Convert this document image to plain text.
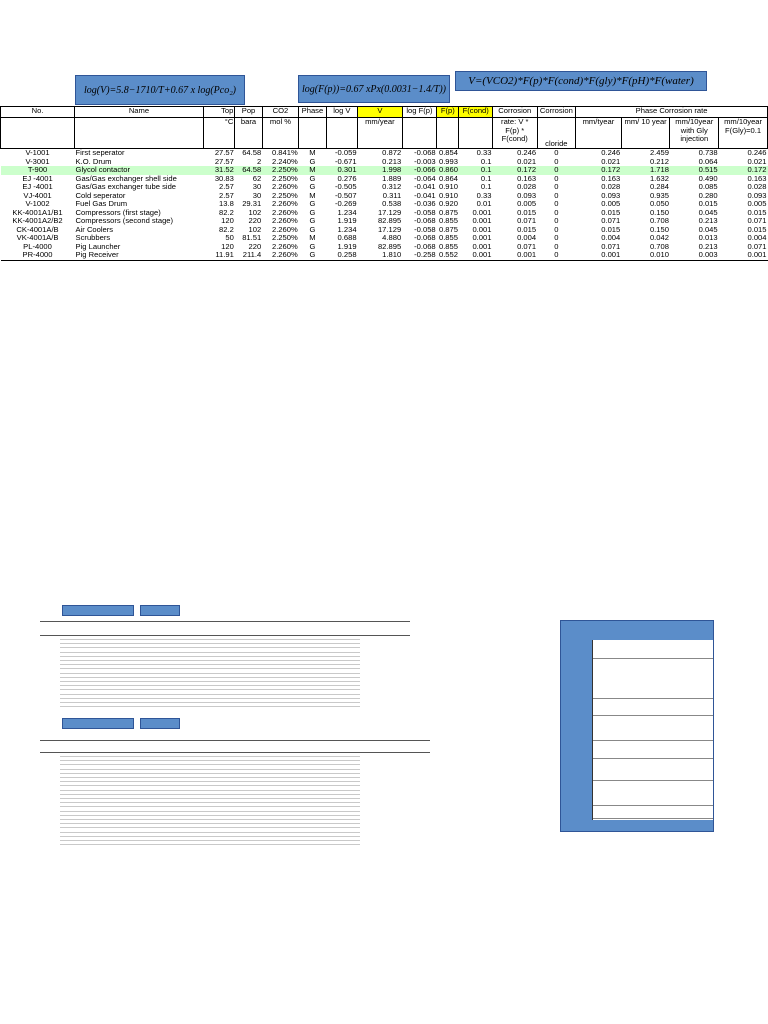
log(V)=5.8−1710/T+0.67 x log(Pco₂)	log(F(p))=0.67 xPx(0.0031−1.4/T))
V=(VCO2)*F(p)*F(cond)*F(gly)*F(pH)*F(water)
No.	Name	Top	Pop	CO2	Phase	log V	V	log F(p)	F(p)	F(cond)	Corrosion	Corrosion	Phase Corrosion rate			
		°C	bara	mol %			mm/year				rate: V * F(p) * F(cond)	cloride	mm/tyear	mm/ 10 year	mm/10year with Gly injection	mm/10year F(Gly)=0.1
V-1001	First seperator	27.57	64.58	0.841%	M	-0.059	0.872	-0.068	0.854	0.33	0.246	0	0.246	2.459	0.738	0.246
V-3001	K.O. Drum	27.57	2	2.240%	G	-0.671	0.213	-0.003	0.993	0.1	0.021	0	0.021	0.212	0.064	0.021
T-900	Glycol contactor	31.52	64.58	2.250%	M	0.301	1.998	-0.066	0.860	0.1	0.172	0	0.172	1.718	0.515	0.172
EJ -4001	Gas/Gas exchanger shell side	30.83	62	2.250%	G	0.276	1.889	-0.064	0.864	0.1	0.163	0	0.163	1.632	0.490	0.163
EJ -4001	Gas/Gas exchanger tube side	2.57	30	2.260%	G	-0.505	0.312	-0.041	0.910	0.1	0.028	0	0.028	0.284	0.085	0.028
VJ-4001	Cold seperator	2.57	30	2.250%	M	-0.507	0.311	-0.041	0.910	0.33	0.093	0	0.093	0.935	0.280	0.093
V-1002	Fuel Gas Drum	13.8	29.31	2.260%	G	-0.269	0.538	-0.036	0.920	0.01	0.005	0	0.005	0.050	0.015	0.005
KK-4001A1/B1	Compressors (first stage)	82.2	102	2.260%	G	1.234	17.129	-0.058	0.875	0.001	0.015	0	0.015	0.150	0.045	0.015
KK-4001A2/B2	Compressors (second stage)	120	220	2.260%	G	1.919	82.895	-0.068	0.855	0.001	0.071	0	0.071	0.708	0.213	0.071
CK-4001A/B	Air Coolers	82.2	102	2.260%	G	1.234	17.129	-0.058	0.875	0.001	0.015	0	0.015	0.150	0.045	0.015
VK-4001A/B	Scrubbers	50	81.51	2.250%	M	0.688	4.880	-0.068	0.855	0.001	0.004	0	0.004	0.042	0.013	0.004
PL-4000	Pig Launcher	120	220	2.260%	G	1.919	82.895	-0.068	0.855	0.001	0.071	0	0.071	0.708	0.213	0.071
PR-4000	Pig Receiver	11.91	211.4	2.260%	G	0.258	1.810	-0.258	0.552	0.001	0.001	0	0.001	0.010	0.003	0.001
